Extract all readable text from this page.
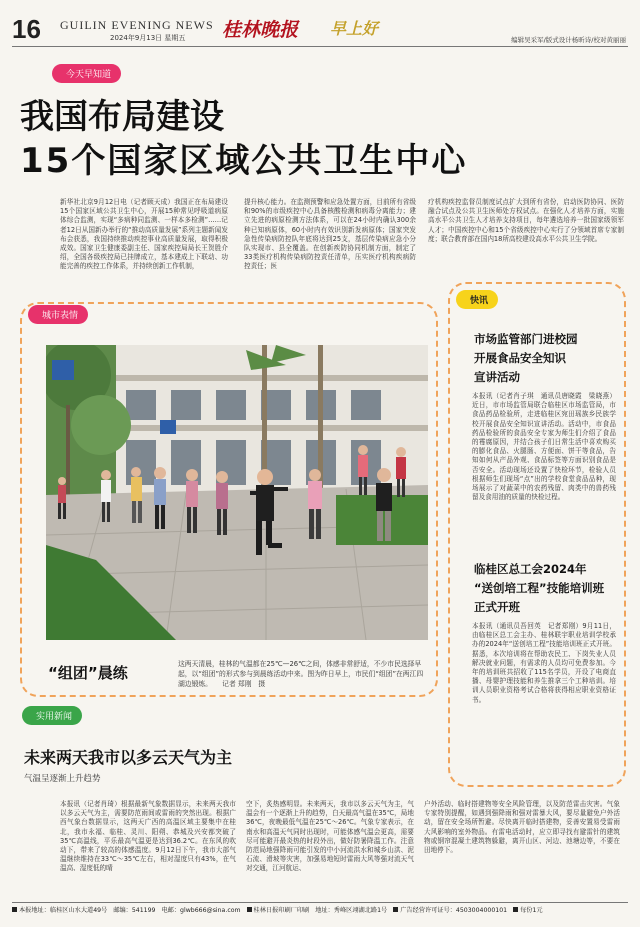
16 GUILIN EVENING NEWS
2024年9月13日 星期五 桂林晚报 早上好
编辑吴采军/版式设计杨昕诗/校对黄丽丽
今天早知道
我国布局建设
15个国家区域公共卫生中心
新华社北京9月12日电（记者顾天成）我国正在布局建设15个国家区域公共卫生中心，开展15种常见呼吸道病原体综合监测，实现“多病种同监测、一样本多检测”……记者12日从国新办举行的“推动高质量发展”系列主题新闻发布会获悉，我国持续推动疾控事业高质量发展，取得积极成效。国家卫生健康委副主任、国家疾控局局长王贺胜介绍，全国各级疾控局已挂牌成立，基本建成上下联动、功能完善的疾控工作体系，并持续创新工作机制，
提升核心能力。在监测预警和应急处置方面，目前所有省级和90%的市级疾控中心具备核酸检测和病毒分离能力；建立先进的病原检测方法体系，可以在24小时内确认300余种已知病原体，60小时内有效识别新发病原体；国家突发急性传染病防控队年底将达到25支，基层传染病应急小分队实现市、县全覆盖。在创新疾防协同机制方面，制定了33类医疗机构传染病防控责任清单，压实医疗机构疾病防控责任；医
疗机构疾控监督员制度试点扩大到所有省份，启动医防协同、医防融合试点及公共卫生医师处方权试点。在强化人才培养方面，实施高水平公共卫生人才培养支持项目，每年遴选培养一批国家级领军人才；中国疾控中心和15个省级疾控中心实行了分领域首席专家制度；联合教育部在国内18所高校建设高水平公共卫生学院。
城市表情
“组团”晨练	这两天清晨，桂林的气温都在25℃—26℃之间，体感非常舒适，不少市民选择早起，以“组团”的形式参与到晨练活动中来。图为昨日早上，市民们“组团”在两江四湖边锻炼。　　记者 郑刚　摄
快讯
市场监管部门进校园
开展食品安全知识
宣讲活动
本报讯（记者肖子琪　通讯员唐晓霞　梁晓燕）近日，市市场监管局联合临桂区市场监管局，市食品药品检验所，走进临桂区宛田瑶族乡民族学校开展食品安全知识宣讲活动。活动中，市食品药品检验所的食品安全专家为师生们介绍了食品的霉腐原因，并结合孩子们日常生活中喜欢购买的膨化食品、火腿肠、方便面、饼干等食品，告知如何从产品外观、食品标签等方面识别食品是否安全。活动现场还设置了快检环节，检验人员根据师生们现场“点”出的学校食堂食品品种，现场展示了对蔬菜中的农药残留、肉类中的兽药残留及食用油的质量的快检过程。
临桂区总工会2024年
“送创培工程”技能培训班
正式开班
本报讯（通讯员吾回英　记者郑刚）9月11日，由临桂区总工会主办、桂林联宇职业培训学校承办的2024年“送创培工程”技能培训班正式开班。据悉，本次培训将在帮助农民工、下岗失业人员解决就业问题，有需求的人员均可免费参加。今年的培训班共招收了115名学员，开设了电商直播、母婴护理技能和养生推拿三个工种培训。培训人员职业资格考试合格将获得相应职业资格证书。
实用新闻
未来两天我市以多云天气为主
气温呈逐渐上升趋势
本报讯（记者肖琦）根据最新气象数据显示，未来两天我市以多云天气为主，需要防范雨间或雷雨的突然出现。根据广西气象台数据显示，这两天广西的高温区域主要集中在桂北，我市永福、临桂、灵川、阳朔、恭城及兴安都突破了35℃高温线，平乐最高气温更是达到36.2℃。在东风的吹动下，带来了较高的体感温度。9月12日下午，我市大部气温继续维持在33℃～35℃左右，相对湿度只有43%，在气温高、湿度低的晴
空下，炙热感明显。未来两天，我市以多云天气为主，气温会有一个逐渐上升的趋势，白天最高气温在35℃，局地36℃，夜晚最低气温在25℃～26℃。气象专家表示，在南水和高温天气同时出现时，可能体感气温会更高，需要尽可能避开最炎热的时段外出，做好防暑降温工作。注意防范局地强降雨可能引发的中小河流洪水和城乡山洪、泥石流、滑坡等灾害，加强易地短时雷雨大风等强对流天气对交通，江河航运、
户外活动、临时搭建物等安全风险管理，以及防范雷击灾害。气象专家特别提醒，如遇到强降雨和强对雷暴大风，要尽量避免户外活动，留在安全场所暂避。尽快离开临时搭建物，妥善安置易受雷雨大风影响的室外物品。有雷电活动时，应立即寻找有避雷针的建筑物或钢帘混凝土建筑物躲避，离开山区、河边、池塘边等，不要在田地停下。
本报地址：临桂区山水大道49号 邮编：541199 电邮：glwb666@sina.com	桂林日报印刷厂印刷 地址：秀峰区翊湖北路1号	广告经营许可证号：4503004000101	每份1元
